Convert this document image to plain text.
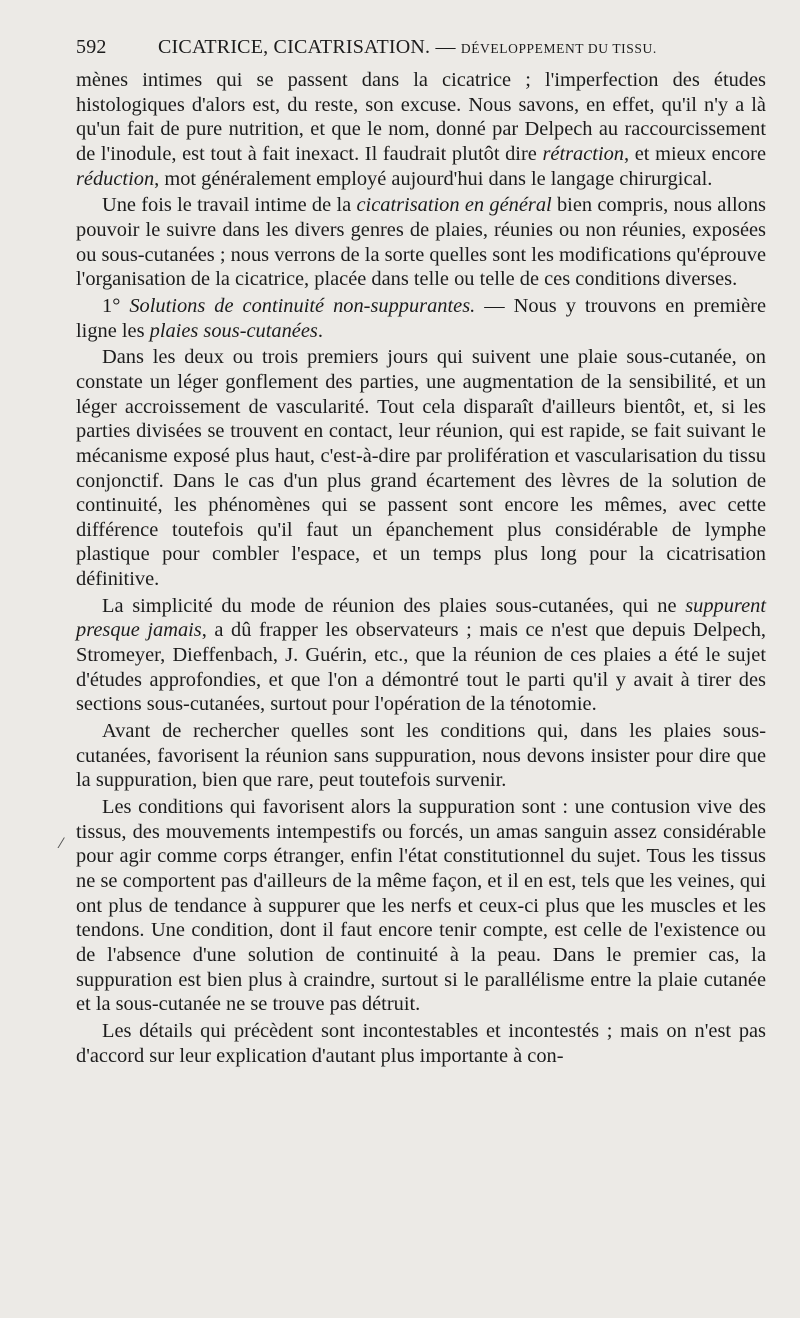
592	CICATRICE, CICATRISATION. — DÉVELOPPEMENT DU TISSU.

mènes intimes qui se passent dans la cicatrice ; l'imperfection des études histologiques d'alors est, du reste, son excuse. Nous savons, en effet, qu'il n'y a là qu'un fait de pure nutrition, et que le nom, donné par Delpech au raccourcissement de l'inodule, est tout à fait inexact. Il faudrait plutôt dire rétraction, et mieux encore réduction, mot généralement employé aujourd'hui dans le langage chirurgical.

Une fois le travail intime de la cicatrisation en général bien compris, nous allons pouvoir le suivre dans les divers genres de plaies, réunies ou non réunies, exposées ou sous-cutanées ; nous verrons de la sorte quelles sont les modifications qu'éprouve l'organisation de la cicatrice, placée dans telle ou telle de ces conditions diverses.

1° Solutions de continuité non-suppurantes. — Nous y trouvons en première ligne les plaies sous-cutanées.

Dans les deux ou trois premiers jours qui suivent une plaie sous-cutanée, on constate un léger gonflement des parties, une augmentation de la sensibilité, et un léger accroissement de vascularité. Tout cela disparaît d'ailleurs bientôt, et, si les parties divisées se trouvent en contact, leur réunion, qui est rapide, se fait suivant le mécanisme exposé plus haut, c'est-à-dire par prolifération et vascularisation du tissu conjonctif. Dans le cas d'un plus grand écartement des lèvres de la solution de continuité, les phénomènes qui se passent sont encore les mêmes, avec cette différence toutefois qu'il faut un épanchement plus considérable de lymphe plastique pour combler l'espace, et un temps plus long pour la cicatrisation définitive.

La simplicité du mode de réunion des plaies sous-cutanées, qui ne suppurent presque jamais, a dû frapper les observateurs ; mais ce n'est que depuis Delpech, Stromeyer, Dieffenbach, J. Guérin, etc., que la réunion de ces plaies a été le sujet d'études approfondies, et que l'on a démontré tout le parti qu'il y avait à tirer des sections sous-cutanées, surtout pour l'opération de la ténotomie.

Avant de rechercher quelles sont les conditions qui, dans les plaies sous-cutanées, favorisent la réunion sans suppuration, nous devons insister pour dire que la suppuration, bien que rare, peut toutefois survenir.

Les conditions qui favorisent alors la suppuration sont : une contusion vive des tissus, des mouvements intempestifs ou forcés, un amas sanguin assez considérable pour agir comme corps étranger, enfin l'état constitutionnel du sujet. Tous les tissus ne se comportent pas d'ailleurs de la même façon, et il en est, tels que les veines, qui ont plus de tendance à suppurer que les nerfs et ceux-ci plus que les muscles et les tendons. Une condition, dont il faut encore tenir compte, est celle de l'existence ou de l'absence d'une solution de continuité à la peau. Dans le premier cas, la suppuration est bien plus à craindre, surtout si le parallélisme entre la plaie cutanée et la sous-cutanée ne se trouve pas détruit.

Les détails qui précèdent sont incontestables et incontestés ; mais on n'est pas d'accord sur leur explication d'autant plus importante à con-

⁄
